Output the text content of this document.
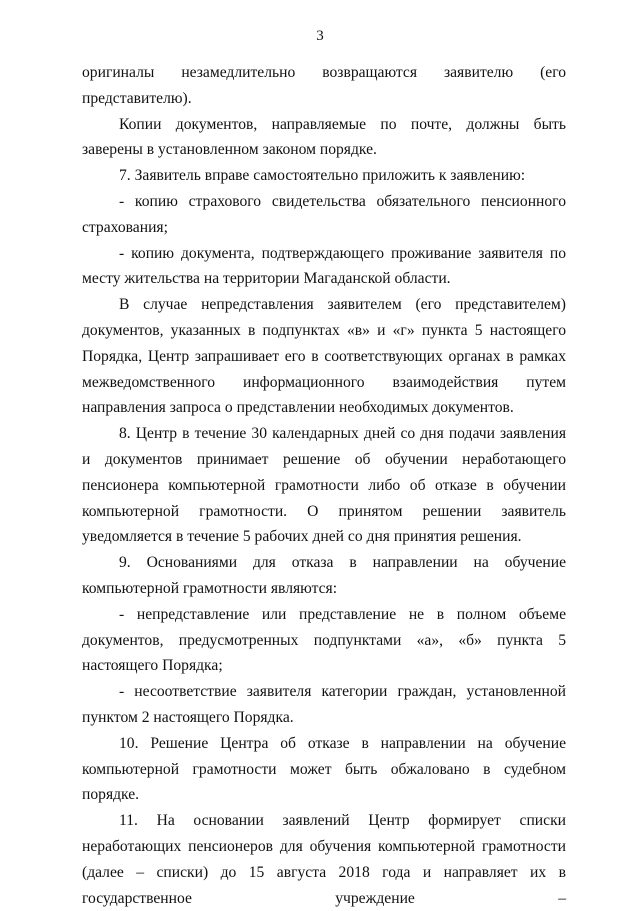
3

оригиналы незамедлительно возвращаются заявителю (его представителю).

Копии документов, направляемые по почте, должны быть заверены в установленном законом порядке.

7. Заявитель вправе самостоятельно приложить к заявлению:

- копию страхового свидетельства обязательного пенсионного страхования;

- копию документа, подтверждающего проживание заявителя по месту жительства на территории Магаданской области.

В случае непредставления заявителем (его представителем) документов, указанных в подпунктах «в» и «г» пункта 5 настоящего Порядка, Центр запрашивает его в соответствующих органах в рамках межведомственного информационного взаимодействия путем направления запроса о представлении необходимых документов.

8. Центр в течение 30 календарных дней со дня подачи заявления и документов принимает решение об обучении неработающего пенсионера компьютерной грамотности либо об отказе в обучении компьютерной грамотности. О принятом решении заявитель уведомляется в течение 5 рабочих дней со дня принятия решения.

9. Основаниями для отказа в направлении на обучение компьютерной грамотности являются:

- непредставление или представление не в полном объеме документов, предусмотренных подпунктами «а», «б» пункта 5 настоящего Порядка;

- несоответствие заявителя категории граждан, установленной пунктом 2 настоящего Порядка.

10. Решение Центра об отказе в направлении на обучение компьютерной грамотности может быть обжаловано в судебном порядке.

11. На основании заявлений Центр формирует списки неработающих пенсионеров для обучения компьютерной грамотности (далее – списки) до 15 августа 2018 года и направляет их в государственное учреждение –
